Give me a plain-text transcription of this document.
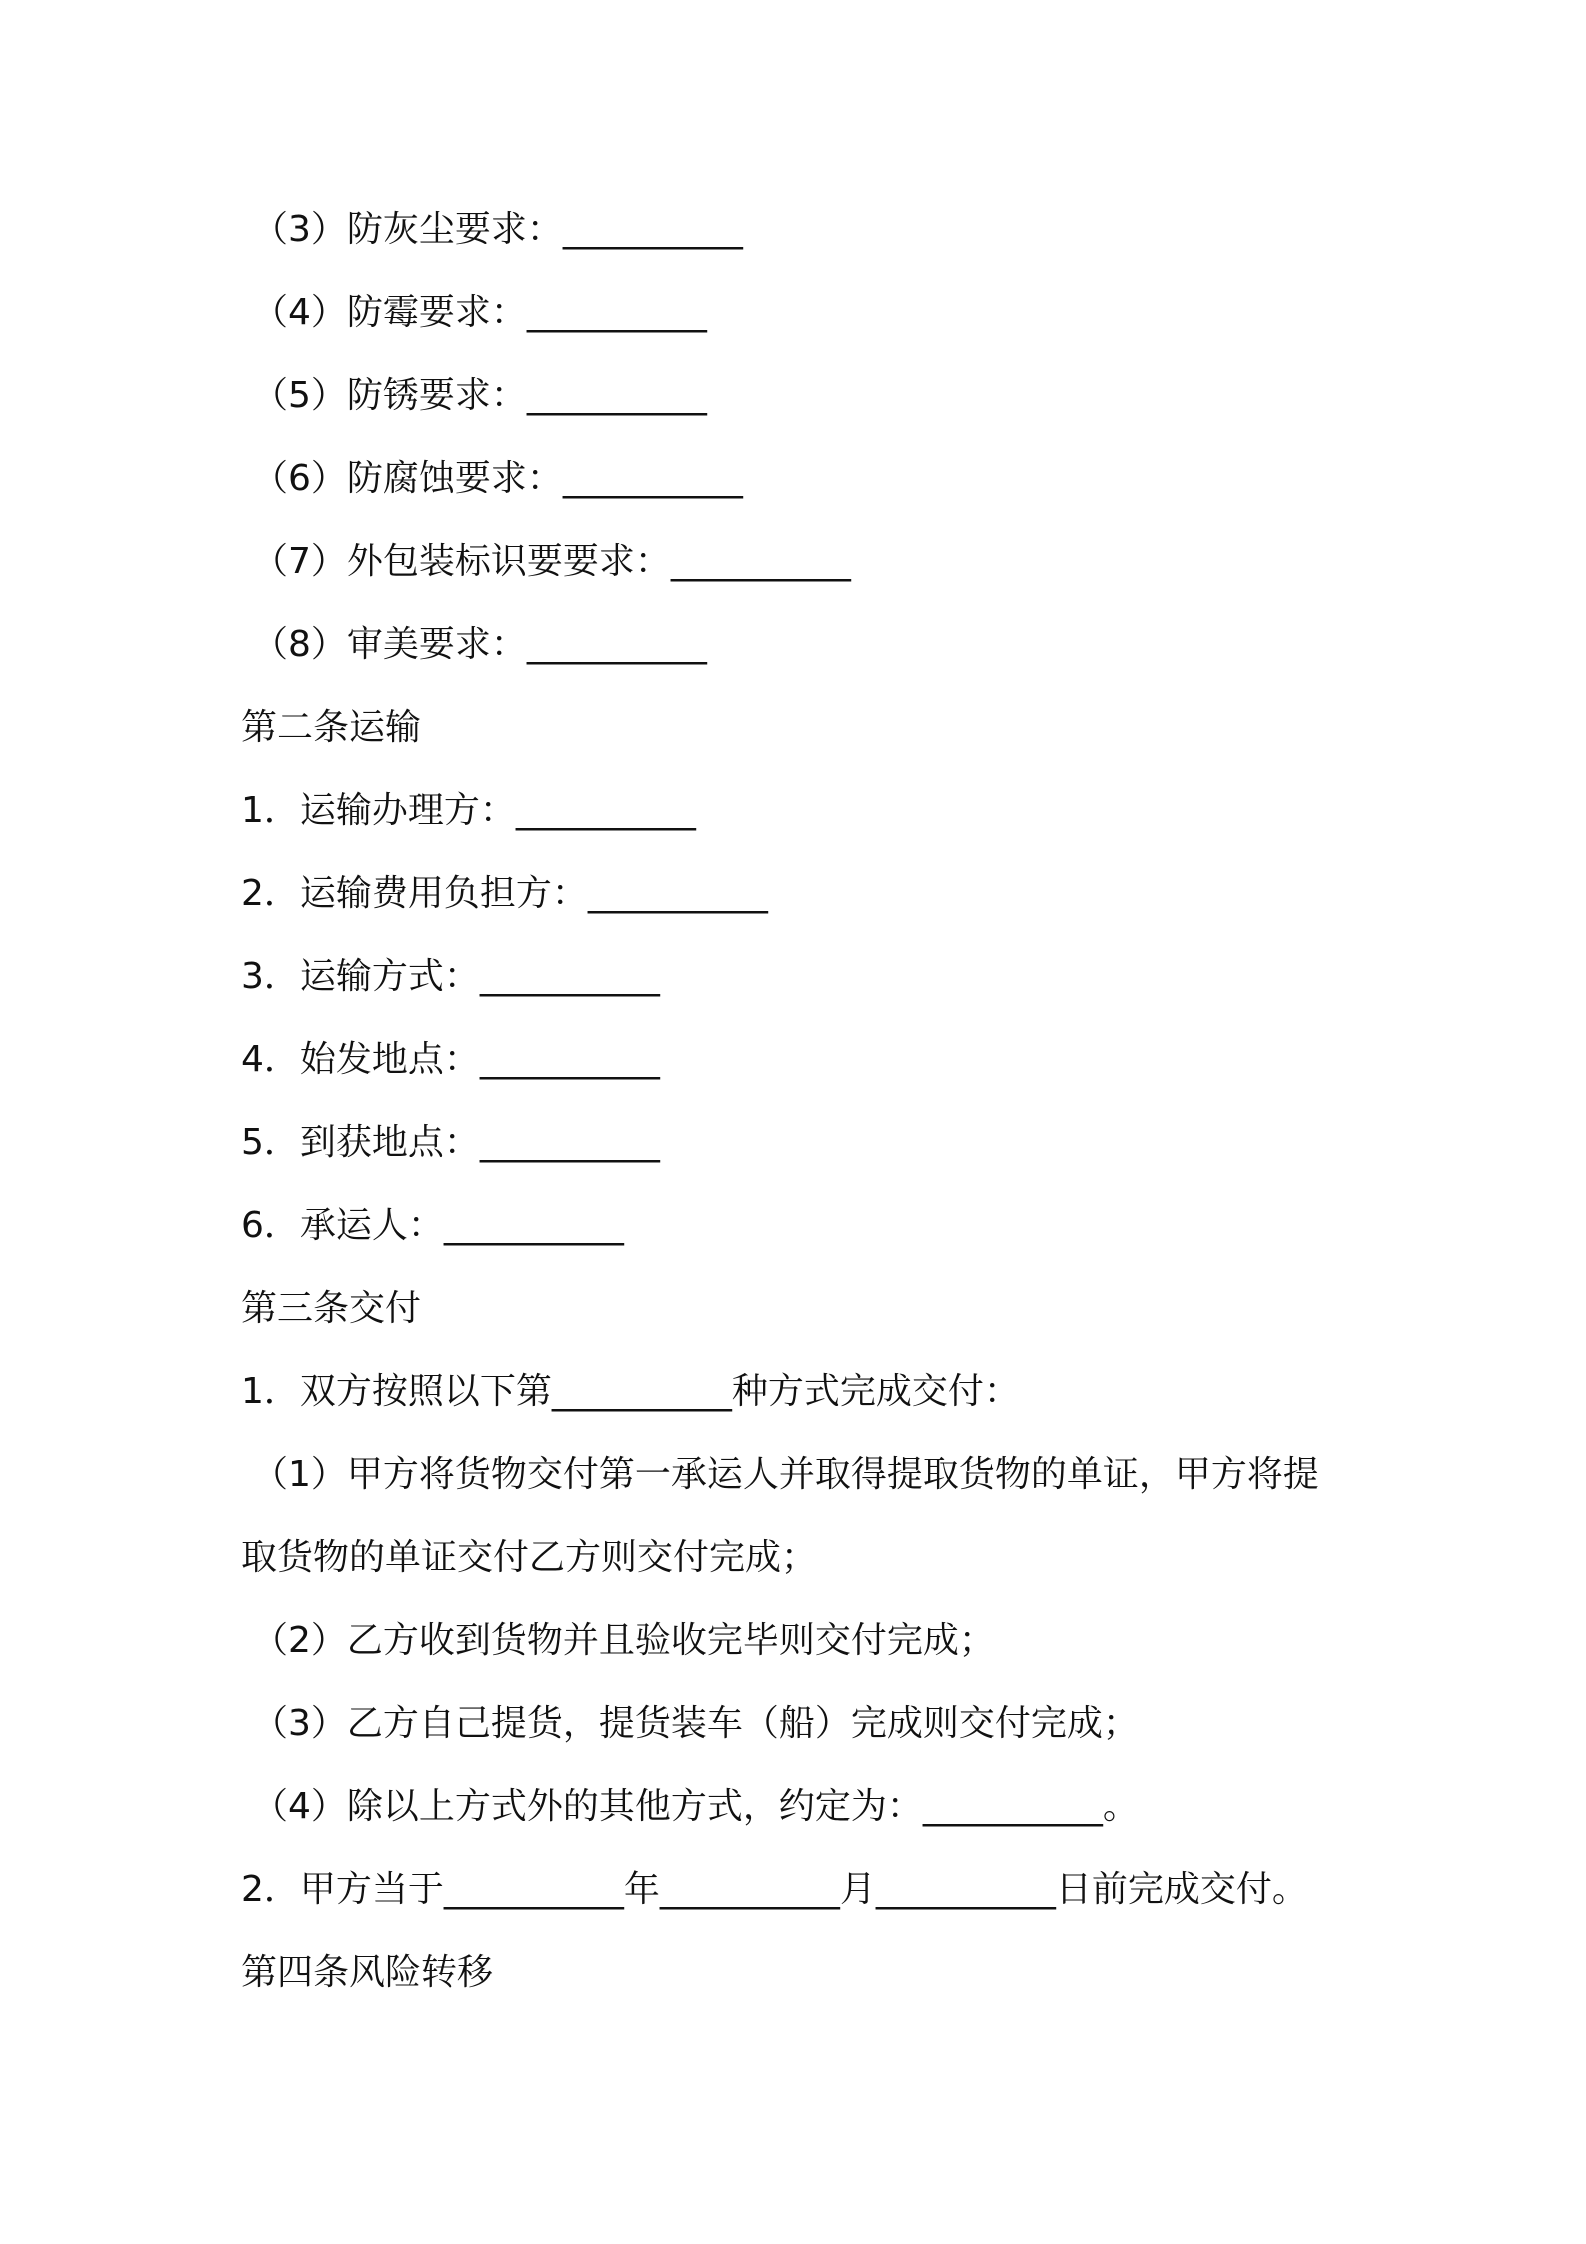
（3）防灰尘要求：__________
（4）防霉要求：__________
（5）防锈要求：__________
（6）防腐蚀要求：__________
（7）外包装标识要要求：__________
（8）审美要求：__________
第二条运输
1．运输办理方：__________
2．运输费用负担方：__________
3．运输方式：__________
4．始发地点：__________
5．到获地点：__________
6．承运人：__________
第三条交付
1．双方按照以下第__________种方式完成交付：
（1）甲方将货物交付第一承运人并取得提取货物的单证，甲方将提
取货物的单证交付乙方则交付完成；
（2）乙方收到货物并且验收完毕则交付完成；
（3）乙方自己提货，提货装车（船）完成则交付完成；
（4）除以上方式外的其他方式，约定为：__________。
2．甲方当于__________年__________月__________日前完成交付。
第四条风险转移
